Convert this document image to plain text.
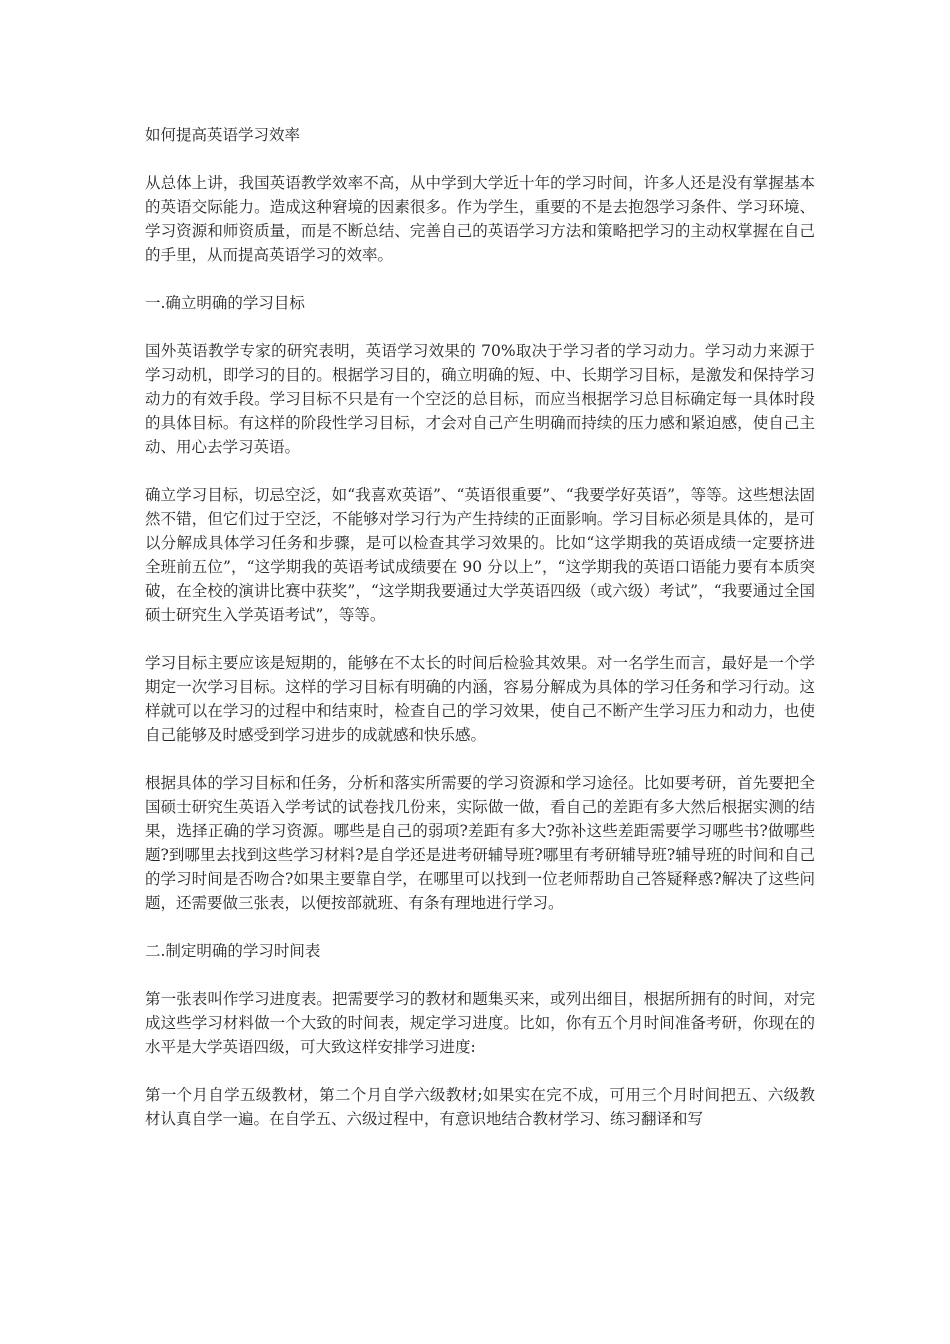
如何提高英语学习效率

从总体上讲，我国英语教学效率不高，从中学到大学近十年的学习时间，许多人还是没有掌握基本的英语交际能力。造成这种窘境的因素很多。作为学生，重要的不是去抱怨学习条件、学习环境、学习资源和师资质量，而是不断总结、完善自己的英语学习方法和策略把学习的主动权掌握在自己的手里，从而提高英语学习的效率。

一.确立明确的学习目标

国外英语教学专家的研究表明，英语学习效果的 70%取决于学习者的学习动力。学习动力来源于学习动机，即学习的目的。根据学习目的，确立明确的短、中、长期学习目标，是激发和保持学习动力的有效手段。学习目标不只是有一个空泛的总目标，而应当根据学习总目标确定每一具体时段的具体目标。有这样的阶段性学习目标，才会对自己产生明确而持续的压力感和紧迫感，使自己主动、用心去学习英语。

确立学习目标，切忌空泛，如“我喜欢英语”、“英语很重要”、“我要学好英语”，等等。这些想法固然不错，但它们过于空泛，不能够对学习行为产生持续的正面影响。学习目标必须是具体的，是可以分解成具体学习任务和步骤，是可以检查其学习效果的。比如“这学期我的英语成绩一定要挤进全班前五位”，“这学期我的英语考试成绩要在 90 分以上”，“这学期我的英语口语能力要有本质突破，在全校的演讲比赛中获奖”，“这学期我要通过大学英语四级（或六级）考试”，“我要通过全国硕士研究生入学英语考试”，等等。

学习目标主要应该是短期的，能够在不太长的时间后检验其效果。对一名学生而言，最好是一个学期定一次学习目标。这样的学习目标有明确的内涵，容易分解成为具体的学习任务和学习行动。这样就可以在学习的过程中和结束时，检查自己的学习效果，使自己不断产生学习压力和动力，也使自己能够及时感受到学习进步的成就感和快乐感。

根据具体的学习目标和任务，分析和落实所需要的学习资源和学习途径。比如要考研，首先要把全国硕士研究生英语入学考试的试卷找几份来，实际做一做，看自己的差距有多大然后根据实测的结果，选择正确的学习资源。哪些是自己的弱项?差距有多大?弥补这些差距需要学习哪些书?做哪些题?到哪里去找到这些学习材料?是自学还是进考研辅导班?哪里有考研辅导班?辅导班的时间和自己的学习时间是否吻合?如果主要靠自学，在哪里可以找到一位老师帮助自己答疑释惑?解决了这些问题，还需要做三张表，以便按部就班、有条有理地进行学习。

二.制定明确的学习时间表

第一张表叫作学习进度表。把需要学习的教材和题集买来，或列出细目，根据所拥有的时间，对完成这些学习材料做一个大致的时间表，规定学习进度。比如，你有五个月时间准备考研，你现在的水平是大学英语四级，可大致这样安排学习进度:

第一个月自学五级教材，第二个月自学六级教材;如果实在完不成，可用三个月时间把五、六级教材认真自学一遍。在自学五、六级过程中，有意识地结合教材学习、练习翻译和写
